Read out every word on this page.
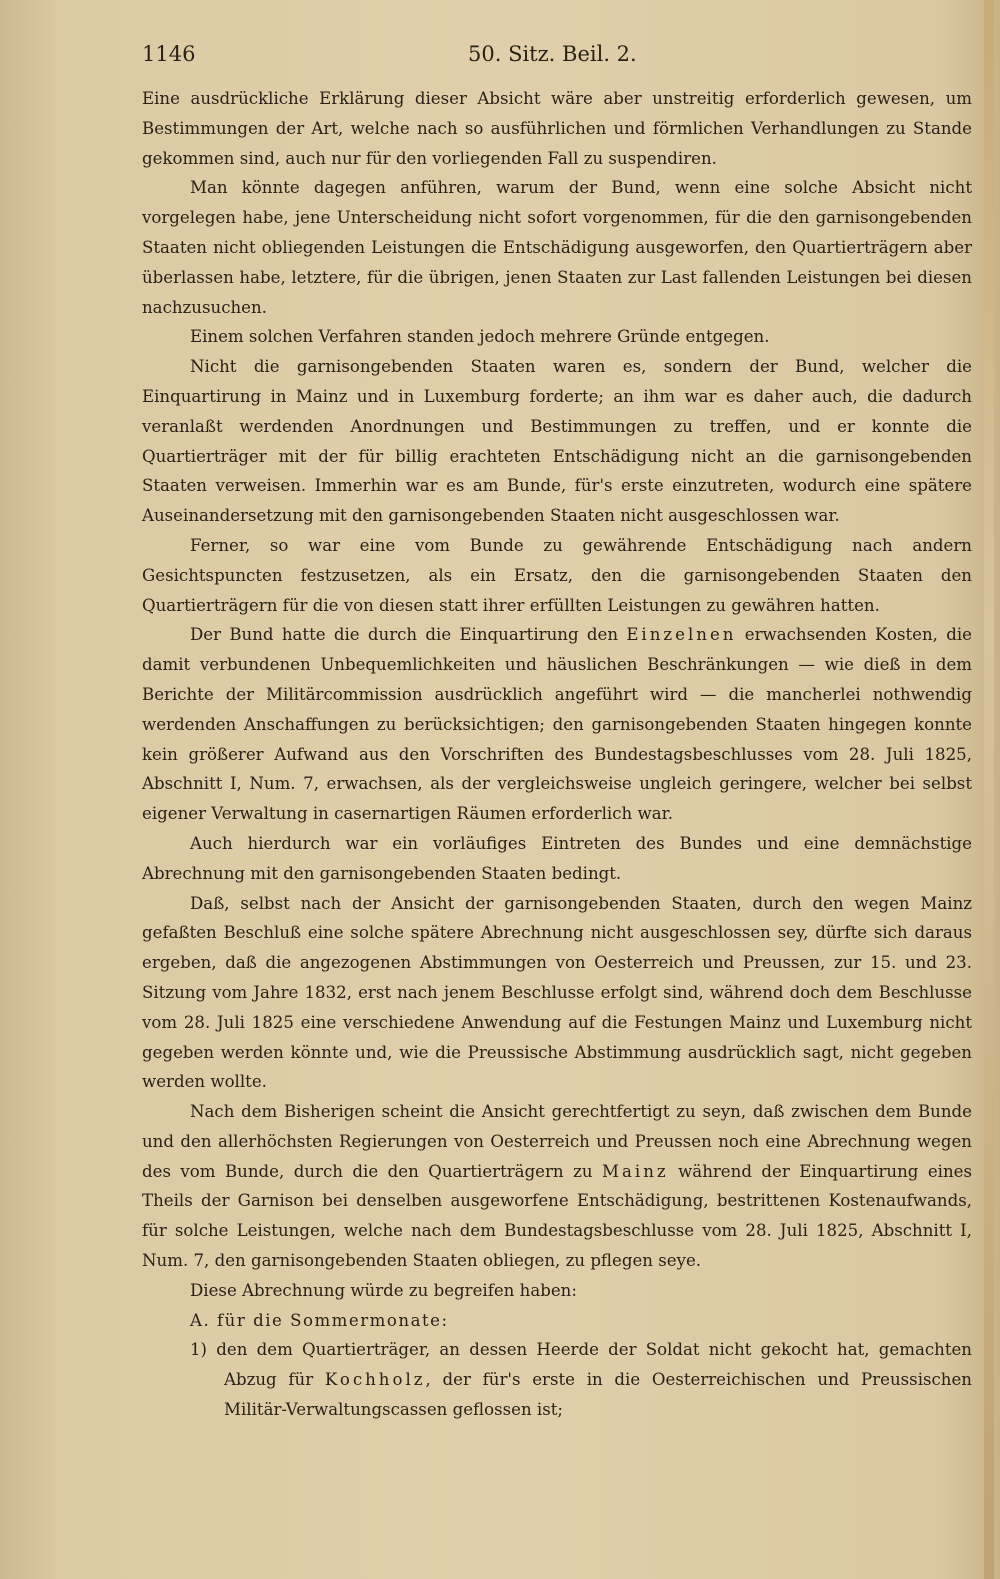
1146	50. Sitz. Beil. 2.

Eine ausdrückliche Erklärung dieser Absicht wäre aber unstreitig erforderlich gewesen, um Bestimmungen der Art, welche nach so ausführlichen und förmlichen Verhandlungen zu Stande gekommen sind, auch nur für den vorliegenden Fall zu suspendiren.

Man könnte dagegen anführen, warum der Bund, wenn eine solche Absicht nicht vorgelegen habe, jene Unterscheidung nicht sofort vorgenommen, für die den garnisongebenden Staaten nicht obliegenden Leistungen die Entschädigung ausgeworfen, den Quartierträgern aber überlassen habe, letztere, für die übrigen, jenen Staaten zur Last fallenden Leistungen bei diesen nachzusuchen.

Einem solchen Verfahren standen jedoch mehrere Gründe entgegen.

Nicht die garnisongebenden Staaten waren es, sondern der Bund, welcher die Einquartirung in Mainz und in Luxemburg forderte; an ihm war es daher auch, die dadurch veranlaßt werdenden Anordnungen und Bestimmungen zu treffen, und er konnte die Quartierträger mit der für billig erachteten Entschädigung nicht an die garnisongebenden Staaten verweisen. Immerhin war es am Bunde, für's erste einzutreten, wodurch eine spätere Auseinandersetzung mit den garnisongebenden Staaten nicht ausgeschlossen war.

Ferner, so war eine vom Bunde zu gewährende Entschädigung nach andern Gesichtspuncten festzusetzen, als ein Ersatz, den die garnisongebenden Staaten den Quartierträgern für die von diesen statt ihrer erfüllten Leistungen zu gewähren hatten.

Der Bund hatte die durch die Einquartirung den Einzelnen erwachsenden Kosten, die damit verbundenen Unbequemlichkeiten und häuslichen Beschränkungen — wie dieß in dem Berichte der Militärcommission ausdrücklich angeführt wird — die mancherlei nothwendig werdenden Anschaffungen zu berücksichtigen; den garnisongebenden Staaten hingegen konnte kein größerer Aufwand aus den Vorschriften des Bundestagsbeschlusses vom 28. Juli 1825, Abschnitt I, Num. 7, erwachsen, als der vergleichsweise ungleich geringere, welcher bei selbst eigener Verwaltung in casernartigen Räumen erforderlich war.

Auch hierdurch war ein vorläufiges Eintreten des Bundes und eine demnächstige Abrechnung mit den garnisongebenden Staaten bedingt.

Daß, selbst nach der Ansicht der garnisongebenden Staaten, durch den wegen Mainz gefaßten Beschluß eine solche spätere Abrechnung nicht ausgeschlossen sey, dürfte sich daraus ergeben, daß die angezogenen Abstimmungen von Oesterreich und Preussen, zur 15. und 23. Sitzung vom Jahre 1832, erst nach jenem Beschlusse erfolgt sind, während doch dem Beschlusse vom 28. Juli 1825 eine verschiedene Anwendung auf die Festungen Mainz und Luxemburg nicht gegeben werden könnte und, wie die Preussische Abstimmung ausdrücklich sagt, nicht gegeben werden wollte.

Nach dem Bisherigen scheint die Ansicht gerechtfertigt zu seyn, daß zwischen dem Bunde und den allerhöchsten Regierungen von Oesterreich und Preussen noch eine Abrechnung wegen des vom Bunde, durch die den Quartierträgern zu Mainz während der Einquartirung eines Theils der Garnison bei denselben ausgeworfene Entschädigung, bestrittenen Kostenaufwands, für solche Leistungen, welche nach dem Bundestagsbeschlusse vom 28. Juli 1825, Abschnitt I, Num. 7, den garnisongebenden Staaten obliegen, zu pflegen seye.

Diese Abrechnung würde zu begreifen haben:

A. für die Sommermonate:

1) den dem Quartierträger, an dessen Heerde der Soldat nicht gekocht hat, gemachten Abzug für Kochholz, der für's erste in die Oesterreichischen und Preussischen Militär-Verwaltungscassen geflossen ist;
